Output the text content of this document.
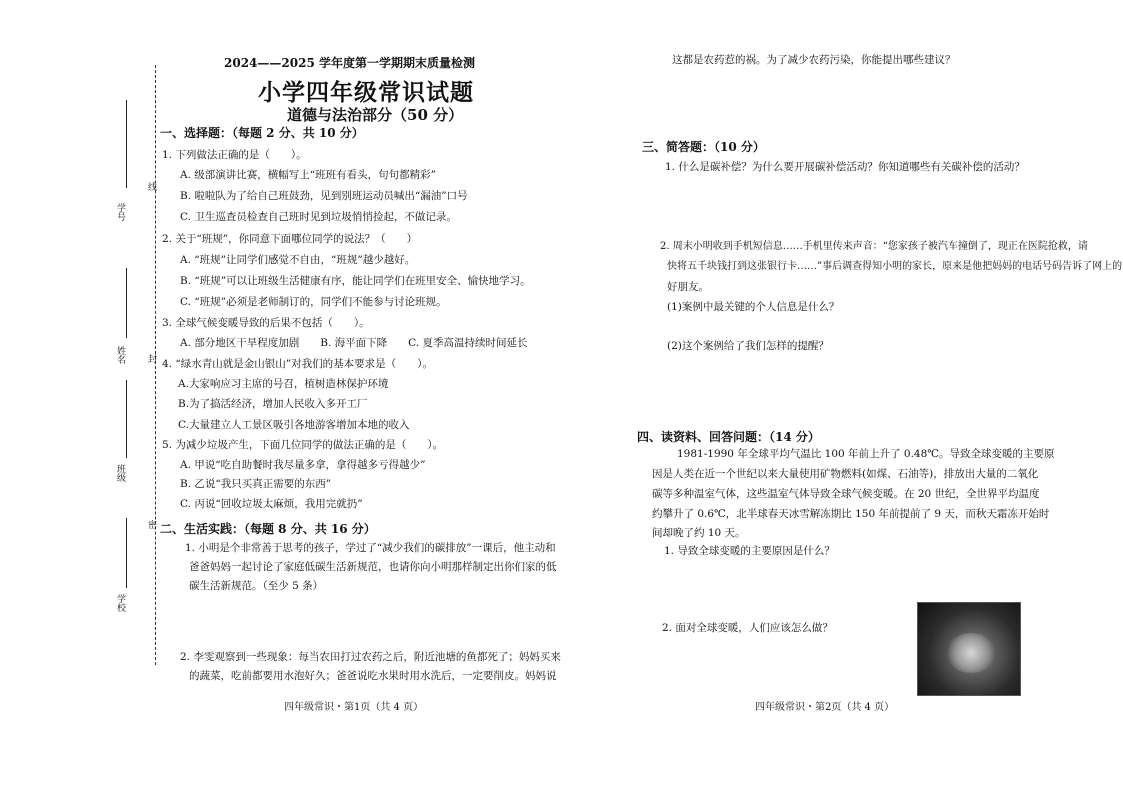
学号
姓名
班级
学校
线
封
密
2024——2025 学年度第一学期期末质量检测
小学四年级常识试题
道德与法治部分（50 分）
一、选择题：（每题 2 分、共 10 分）
1. 下列做法正确的是（　　）。
A. 级部演讲比赛，横幅写上“班班有看头，句句都精彩”
B. 啦啦队为了给自己班鼓劲，见到别班运动员喊出“漏油”口号
C. 卫生巡查员检查自己班时见到垃圾悄悄捡起，不做记录。
2. 关于“班规”，你同意下面哪位同学的说法？（　　）
A. “班规”让同学们感觉不自由，“班规”越少越好。
B. “班规”可以让班级生活健康有序，能让同学们在班里安全、愉快地学习。
C. “班规”必须是老师制订的，同学们不能参与讨论班规。
3. 全球气候变暖导致的后果不包括（　　）。
A. 部分地区干旱程度加剧　　B. 海平面下降　　C. 夏季高温持续时间延长
4. “绿水青山就是金山银山”对我们的基本要求是（　　）。
A.大家响应习主席的号召，植树造林保护环境
B.为了搞活经济，增加人民收入多开工厂
C.大量建立人工景区吸引各地游客增加本地的收入
5. 为减少垃圾产生，下面几位同学的做法正确的是（　　）。
A. 甲说“吃自助餐时我尽量多拿，拿得越多亏得越少”
B. 乙说“我只买真正需要的东西”
C. 丙说“回收垃圾太麻烦，我用完就扔”
二、生活实践：（每题 8 分、共 16 分）
1. 小明是个非常善于思考的孩子，学过了“减少我们的碳排放”一课后，他主动和
爸爸妈妈一起讨论了家庭低碳生活新规范，也请你向小明那样制定出你们家的低
碳生活新规范。（至少 5 条）
2. 李雯观察到一些现象：每当农田打过农药之后，附近池塘的鱼都死了；妈妈买来
的蔬菜，吃前都要用水泡好久；爸爸说吃水果时用水洗后，一定要削皮。妈妈说
四年级常识・第1页（共 4 页）
这都是农药惹的祸。为了减少农药污染，你能提出哪些建议？
三、简答题：（10 分）
1. 什么是碳补偿？为什么要开展碳补偿活动？你知道哪些有关碳补偿的活动？
2. 周末小明收到手机短信息……手机里传来声音：“您家孩子被汽车撞倒了，现正在医院抢救，请
快将五千块钱打到这张银行卡……”事后调查得知小明的家长，原来是他把妈妈的电话号码告诉了网上的
好朋友。
(1)案例中最关键的个人信息是什么？
(2)这个案例给了我们怎样的提醒？
四、读资料、回答问题：（14 分）
1981-1990 年全球平均气温比 100 年前上升了 0.48℃。导致全球变暖的主要原
因是人类在近一个世纪以来大量使用矿物燃料(如煤、石油等)，排放出大量的二氧化
碳等多种温室气体，这些温室气体导致全球气候变暖。在 20 世纪，全世界平均温度
约攀升了 0.6℃，北半球春天冰雪解冻期比 150 年前提前了 9 天，而秋天霜冻开始时
间却晚了约 10 天。
1. 导致全球变暖的主要原因是什么？
2. 面对全球变暖，人们应该怎么做？
四年级常识・第2页（共 4 页）
